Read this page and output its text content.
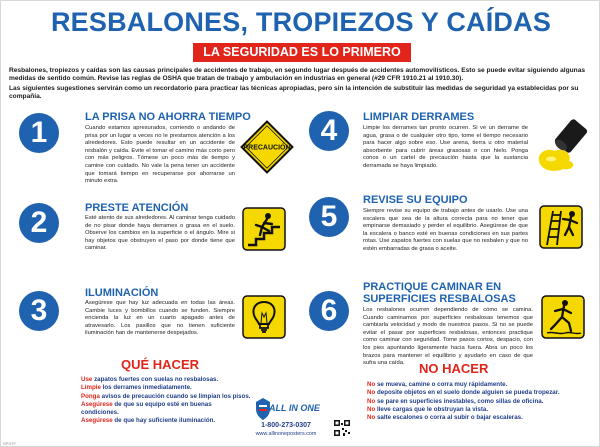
RESBALONES, TROPIEZOS Y CAÍDAS
LA SEGURIDAD ES LO PRIMERO

Resbalones, tropiezos y caídas son las causas principales de accidentes de trabajo, en segundo lugar después de accidentes automovilísticos. Esto se puede evitar siguiendo algunas medidas de sentido común. Revise las reglas de OSHA que tratan de trabajo y ambulación en industrias en general (#29 CFR 1910.21 al 1910.30).

Las siguientes sugestiones servirán como un recordatorio para practicar las técnicas apropiadas, pero sin la intención de substituir las medidas de seguridad ya establecidas por su compañía.

1	LA PRISA NO AHORRA TIEMPO
Cuando estamos apresurados, corriendo o andando de prisa por un lugar a veces no le prestamos atención a los alrededores. Esto puede resultar en un accidente de resbalón y caída. Evite el tomar el camino más corto pero con más peligros. Tómese un poco más de tiempo y camine con cuidado. No vale la pena tener un accidente que tomará tiempo en recuperarse por ahorrarse un minuto extra.
PRECAUCIÓN
2	PRESTE ATENCIÓN
Esté atento de sus alrededores. Al caminar tenga cuidado de no pisar donde haya derrames o grasa en el suelo. Observe los cambios en la superficie o el ángulo. Mire si hay objetos que obstruyen el paso por donde tiene que caminar.
3
ILUMINACIÓN
Asegúrese que hay luz adecuada en todas las áreas. Cambie luces y bombillos cuando se funden. Siempre encienda la luz en un cuarto apagado antes de atravesarlo. Los pasillos que no tienen suficiente iluminación han de mantenerse despejados.
4	LIMPIAR DERRAMES
Limpie los derrames tan pronto ocurren. Si ve un derrame de agua, grasa o de cualquier otro tipo, tome el tiempo necesario para hacer algo sobre eso. Use arena, tierra u otro material absorbente para cubrir áreas grasosas o con hielo. Ponga conos o un cartel de precaución hasta que la sustancia derramada se haya limpiado.
5	REVISE SU EQUIPO
Siempre revise su equipo de trabajo antes de usarlo. Use una escalera que sea de la altura correcta para no tener que empinarse demasiado y perder el equilibrio. Asegúrese de que la escalera o banco esté en buenas condiciones en sus partes rotas. Use zapatos fuertes con suelas que no resbalen y que no estén embarradas de grasa o aceite.
6
PRACTIQUE CAMINAR EN SUPERFICIES RESBALOSAS
Los resbalones ocurren dependiendo de cómo se camina. Cuando caminamos por superficies resbalosas tenemos que cambiarla velocidad y modo de nuestros pasos. Si no se puede evitar el pasar por superficies resbalosas, entonces practique como caminar con seguridad. Tome pasos cortos, despacio, con los pies apuntando ligeramente hacia fuera. Abra un poco los brazos para mantener el equilibrio y ayudarlo en caso de que sufra una caída.
QUÉ HACER
Use zapatos fuertes con suelas no resbalosas.
Limpie los derrames inmediatamente.
Ponga avisos de precaución cuando se limpian los pisos.
Asegúrese de que su equipo esté en buenas condiciones.
Asegúrese de que hay suficiente iluminación.
NO HACER
No se mueva, camine o corra muy rápidamente.
No deposite objetos en el suelo donde alguien se pueda tropezar.
No se pare en superficies inestables, como sillas de oficina.
No lleve cargas que le obstruyan la vista.
No salte escalones o corra al subir o bajar escaleras.
ALL IN ONE
1-800-273-0307
www.allinoneposters.com
SPSTF
